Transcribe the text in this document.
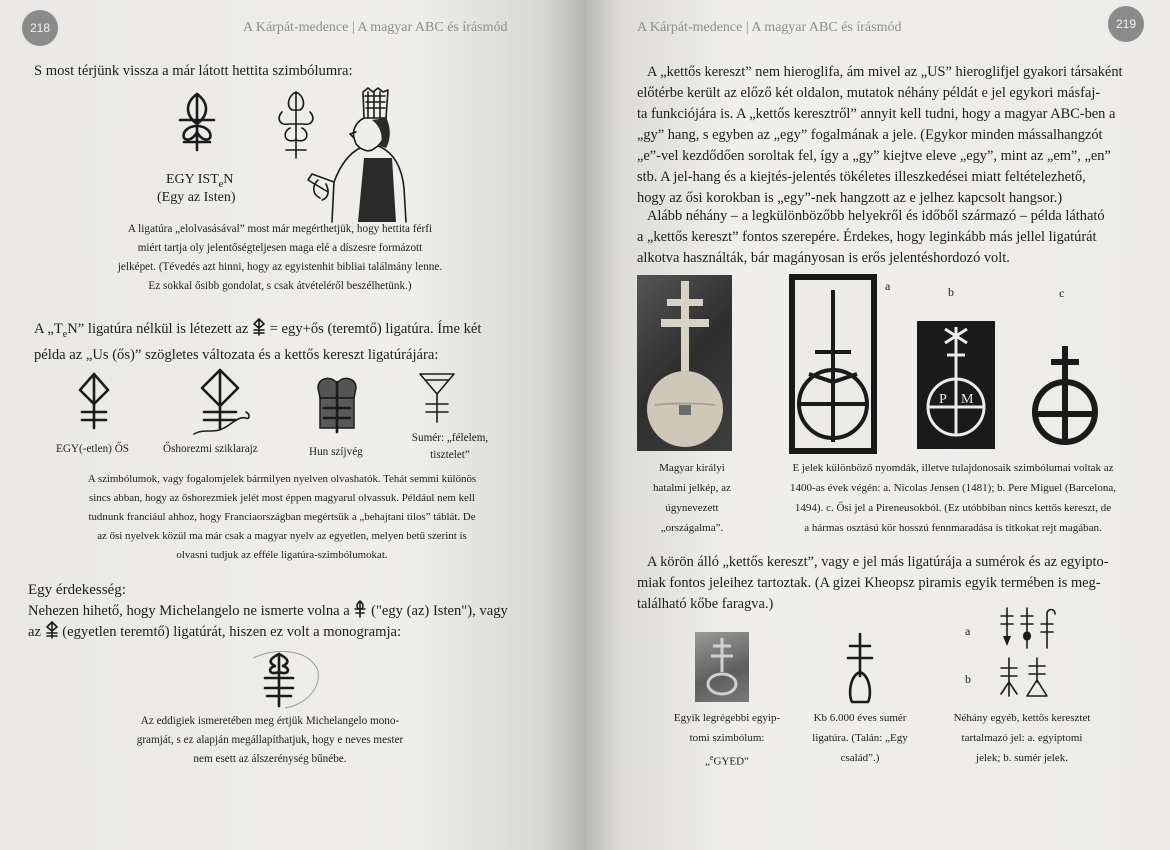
218	A Kárpát-medence | A magyar ABC és írásmód
S most térjünk vissza a már látott hettita szimbólumra:
EGY $IST_eN$
(Egy az Isten)
A ligatúra „elolvasásával” most már megérthetjük, hogy hettita férfi
miért tartja oly jelentőségteljesen maga elé a díszesre formázott
jelképet. (Tévedés azt hinni, hogy az egyistenhit bibliai találmány lenne.
Ez sokkal ősibb gondolat, s csak átvételéről beszélhetünk.)
A $„T_eN$” ligatúra nélkül is létezett az = egy+ős (teremtő) ligatúra. Íme két
példa az „Us (ős)” szögletes változata és a kettős kereszt ligatúrájára:
EGY(-etlen) ŐS	Őshorezmi sziklarajz	Hun szíjvég
Sumér: „félelem, tisztelet”
A szimbólumok, vagy fogalomjelek bármilyen nyelven olvashatók. Tehát semmi különös
sincs abban, hogy az őshorezmiek jelét most éppen magyarul olvassuk. Például nem kell
tudnunk franciául ahhoz, hogy Franciaországban megértsük a „behajtani tilos” táblát. De
az ősi nyelvek közül ma már csak a magyar nyelv az egyetlen, melyen betű szerint is
olvasni tudjuk az efféle ligatúra-szimbólumokat.
Egy érdekesség:
Nehezen hihető, hogy Michelangelo ne ismerte volna a ("egy (az) Isten"), vagy
az (egyetlen teremtő) ligatúrát, hiszen ez volt a monogramja:
Az eddigiek ismeretében meg értjük Michelangelo mono-
gramját, s ez alapján megállapíthatjuk, hogy e neves mester
nem esett az álszerénység bűnébe.
A Kárpát-medence | A magyar ABC és írásmód	219
A „kettős kereszt” nem hieroglifa, ám mivel az „US” hieroglifjel gyakori társaként
előtérbe került az előző két oldalon, mutatok néhány példát e jel egykori másfaj-
ta funkciójára is. A „kettős keresztről” annyit kell tudni, hogy a magyar ABC-ben a
„gy” hang, s egyben az „egy” fogalmának a jele. (Egykor minden mássalhangzót
„e”-vel kezdődően soroltak fel, így a „gy” kiejtve eleve „egy”, mint az „em”, „en”
stb. A jel-hang és a kiejtés-jelentés tökéletes illeszkedései miatt feltételezhető,
hogy az ősi korokban is „egy”-nek hangzott az e jelhez kapcsolt hangsor.)
Alább néhány – a legkülönbözőbb helyekről és időből származó – példa látható
a „kettős kereszt” fontos szerepére. Érdekes, hogy leginkább más jellel ligatúrát
alkotva használták, bár magányosan is erős jelentéshordozó volt.
a
P M
b	c
Magyar királyi
hatalmi jelkép, az
úgynevezett
„országalma”.
E jelek különböző nyomdák, illetve tulajdonosaik szimbólumai voltak az
1400-as évek végén: a. Nicolas Jensen (1481); b. Pere Miguel (Barcelona,
1494). c. Ősi jel a Pireneusokból. (Ez utóbbiban nincs kettős kereszt, de
a hármas osztású kör hosszú fennmaradása is titkokat rejt magában.
A körön álló „kettős kereszt”, vagy e jel más ligatúrája a sumérok és az egyipto-
miak fontos jeleihez tartoztak. (A gizei Kheopsz piramis egyik termében is meg-
található kőbe faragva.)
a
b
Egyik legrégebbi egyip-
tomi szimbólum:
„$^e$GYED”
Kb 6.000 éves sumér
ligatúra. (Talán: „Egy
család”.)
Néhány egyéb, kettős keresztet
tartalmazó jel: a. egyiptomi
jelek; b. sumér jelek.
